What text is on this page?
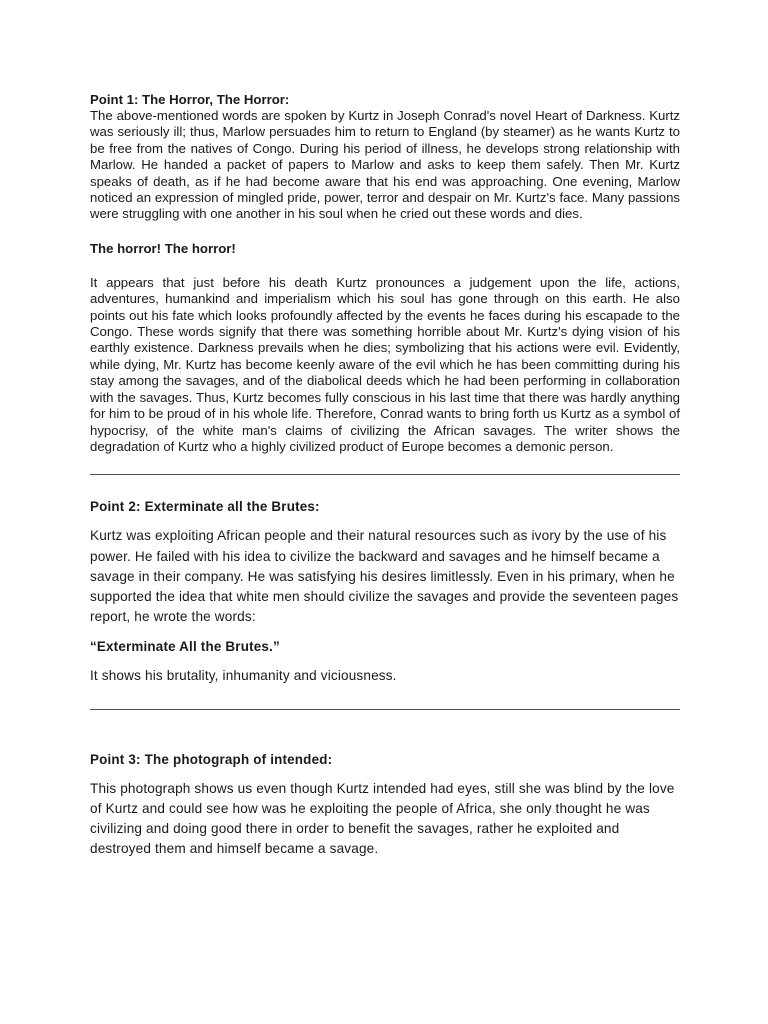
Point 1: The Horror, The Horror:

The above-mentioned words are spoken by Kurtz in Joseph Conrad's novel Heart of Darkness. Kurtz was seriously ill; thus, Marlow persuades him to return to England (by steamer) as he wants Kurtz to be free from the natives of Congo. During his period of illness, he develops strong relationship with Marlow. He handed a packet of papers to Marlow and asks to keep them safely. Then Mr. Kurtz speaks of death, as if he had become aware that his end was approaching. One evening, Marlow noticed an expression of mingled pride, power, terror and despair on Mr. Kurtz's face. Many passions were struggling with one another in his soul when he cried out these words and dies.

The horror! The horror!

It appears that just before his death Kurtz pronounces a judgement upon the life, actions, adventures, humankind and imperialism which his soul has gone through on this earth. He also points out his fate which looks profoundly affected by the events he faces during his escapade to the Congo. These words signify that there was something horrible about Mr. Kurtz's dying vision of his earthly existence. Darkness prevails when he dies; symbolizing that his actions were evil. Evidently, while dying, Mr. Kurtz has become keenly aware of the evil which he has been committing during his stay among the savages, and of the diabolical deeds which he had been performing in collaboration with the savages. Thus, Kurtz becomes fully conscious in his last time that there was hardly anything for him to be proud of in his whole life. Therefore, Conrad wants to bring forth us Kurtz as a symbol of hypocrisy, of the white man's claims of civilizing the African savages. The writer shows the degradation of Kurtz who a highly civilized product of Europe becomes a demonic person.

Point 2: Exterminate all the Brutes:

Kurtz was exploiting African people and their natural resources such as ivory by the use of his power. He failed with his idea to civilize the backward and savages and he himself became a savage in their company. He was satisfying his desires limitlessly. Even in his primary, when he supported the idea that white men should civilize the savages and provide the seventeen pages report, he wrote the words:

“Exterminate All the Brutes.”

It shows his brutality, inhumanity and viciousness.

Point 3: The photograph of intended:

This photograph shows us even though Kurtz intended had eyes, still she was blind by the love of Kurtz and could see how was he exploiting the people of Africa, she only thought he was civilizing and doing good there in order to benefit the savages, rather he exploited and destroyed them and himself became a savage.
